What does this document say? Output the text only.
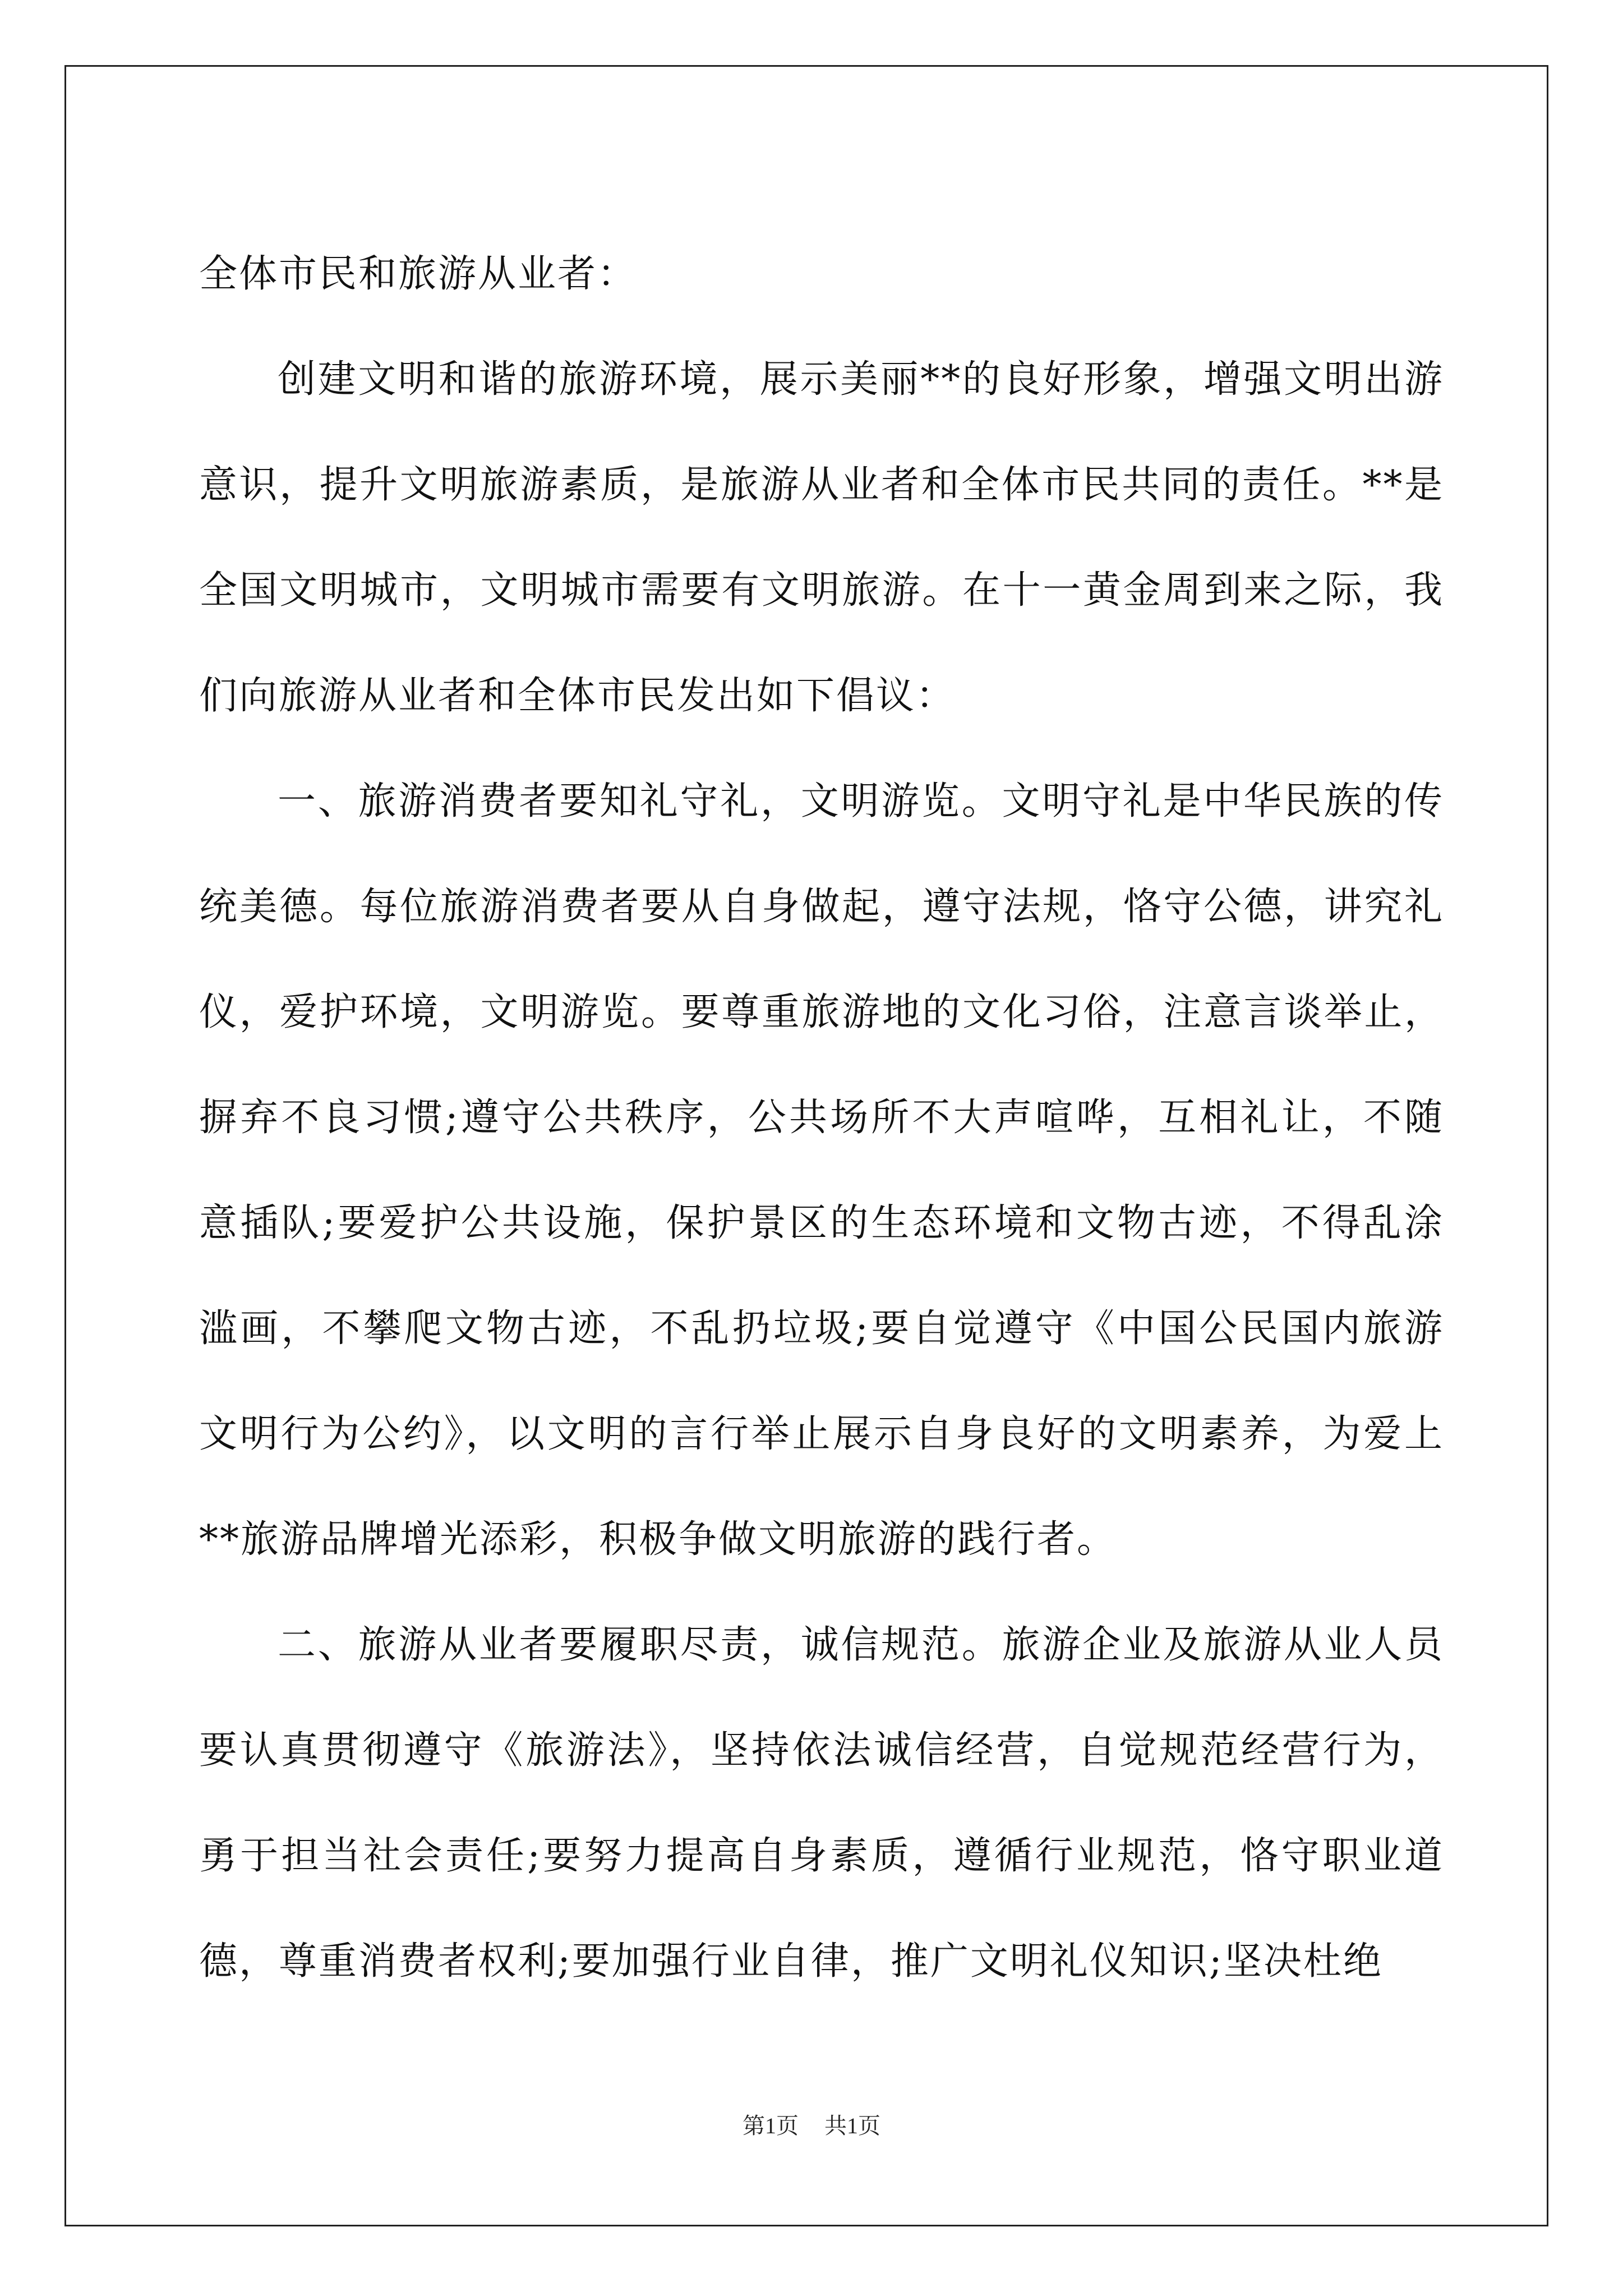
全体市民和旅游从业者：

创建文明和谐的旅游环境，展示美丽**的良好形象，增强文明出游意识，提升文明旅游素质，是旅游从业者和全体市民共同的责任。**是全国文明城市，文明城市需要有文明旅游。在十一黄金周到来之际，我们向旅游从业者和全体市民发出如下倡议：

一、旅游消费者要知礼守礼，文明游览。文明守礼是中华民族的传统美德。每位旅游消费者要从自身做起，遵守法规，恪守公德，讲究礼仪，爱护环境，文明游览。要尊重旅游地的文化习俗，注意言谈举止，摒弃不良习惯;遵守公共秩序，公共场所不大声喧哗，互相礼让，不随意插队;要爱护公共设施，保护景区的生态环境和文物古迹，不得乱涂滥画，不攀爬文物古迹，不乱扔垃圾;要自觉遵守《中国公民国内旅游文明行为公约》，以文明的言行举止展示自身良好的文明素养，为爱上**旅游品牌增光添彩，积极争做文明旅游的践行者。

二、旅游从业者要履职尽责，诚信规范。旅游企业及旅游从业人员要认真贯彻遵守《旅游法》，坚持依法诚信经营，自觉规范经营行为，勇于担当社会责任;要努力提高自身素质，遵循行业规范，恪守职业道德，尊重消费者权利;要加强行业自律，推广文明礼仪知识;坚决杜绝

第1页 共1页
